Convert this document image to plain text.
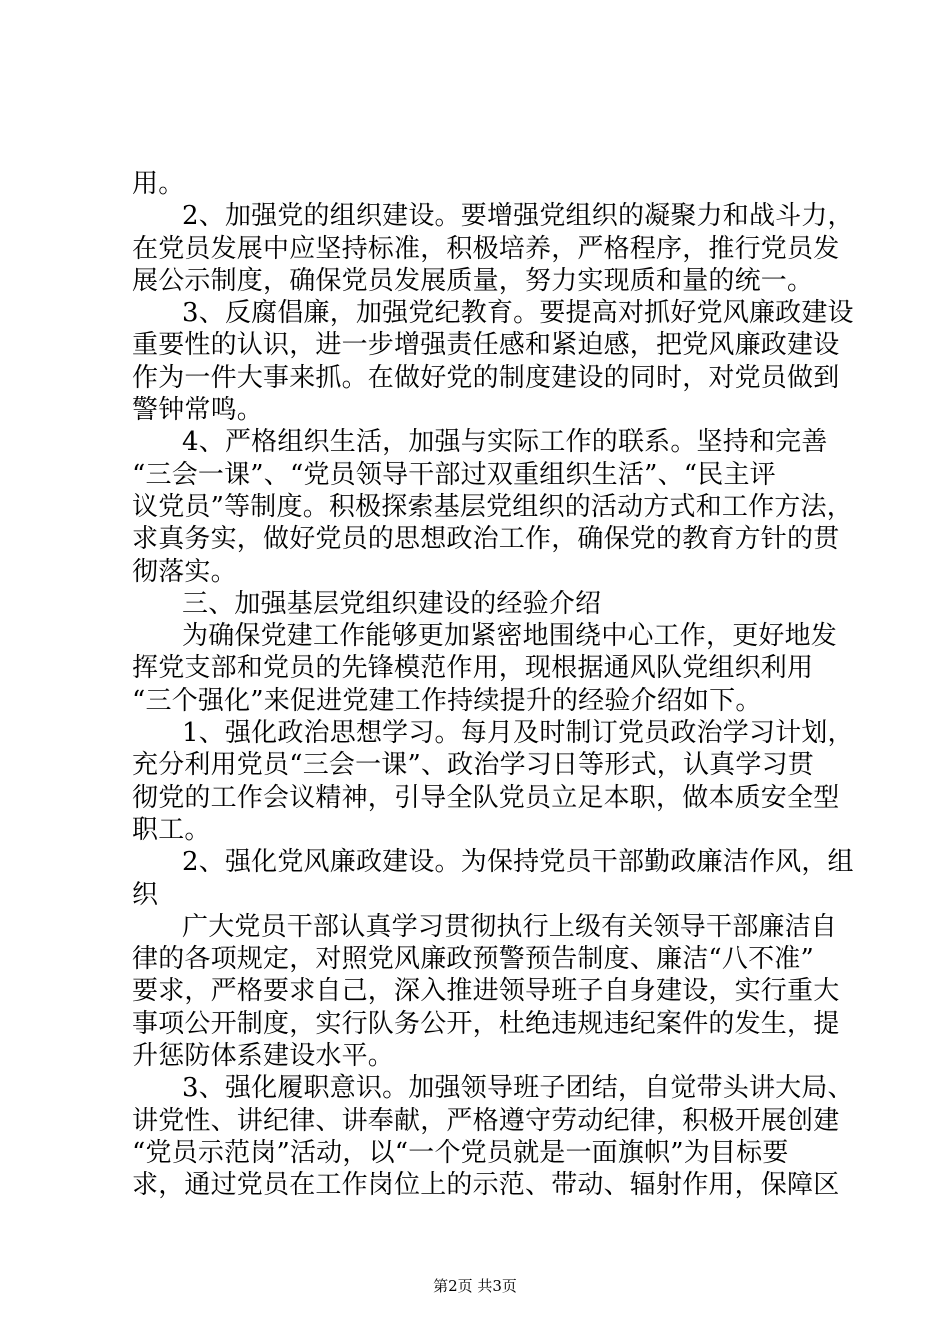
用。
2、加强党的组织建设。要增强党组织的凝聚力和战斗力，
在党员发展中应坚持标准，积极培养，严格程序，推行党员发
展公示制度，确保党员发展质量，努力实现质和量的统一。
3、反腐倡廉，加强党纪教育。要提高对抓好党风廉政建设
重要性的认识，进一步增强责任感和紧迫感，把党风廉政建设
作为一件大事来抓。在做好党的制度建设的同时，对党员做到
警钟常鸣。
4、严格组织生活，加强与实际工作的联系。坚持和完善
“三会一课”、“党员领导干部过双重组织生活”、“民主评
议党员”等制度。积极探索基层党组织的活动方式和工作方法，
求真务实，做好党员的思想政治工作，确保党的教育方针的贯
彻落实。
三、加强基层党组织建设的经验介绍
为确保党建工作能够更加紧密地围绕中心工作，更好地发
挥党支部和党员的先锋模范作用，现根据通风队党组织利用
“三个强化”来促进党建工作持续提升的经验介绍如下。
1、强化政治思想学习。每月及时制订党员政治学习计划，
充分利用党员“三会一课”、政治学习日等形式，认真学习贯
彻党的工作会议精神，引导全队党员立足本职，做本质安全型
职工。
2、强化党风廉政建设。为保持党员干部勤政廉洁作风，组
织
广大党员干部认真学习贯彻执行上级有关领导干部廉洁自
律的各项规定，对照党风廉政预警预告制度、廉洁“八不准”
要求，严格要求自己，深入推进领导班子自身建设，实行重大
事项公开制度，实行队务公开，杜绝违规违纪案件的发生，提
升惩防体系建设水平。
3、强化履职意识。加强领导班子团结，自觉带头讲大局、
讲党性、讲纪律、讲奉献，严格遵守劳动纪律，积极开展创建
“党员示范岗”活动，以“一个党员就是一面旗帜”为目标要
求，通过党员在工作岗位上的示范、带动、辐射作用，保障区
第2页 共3页
